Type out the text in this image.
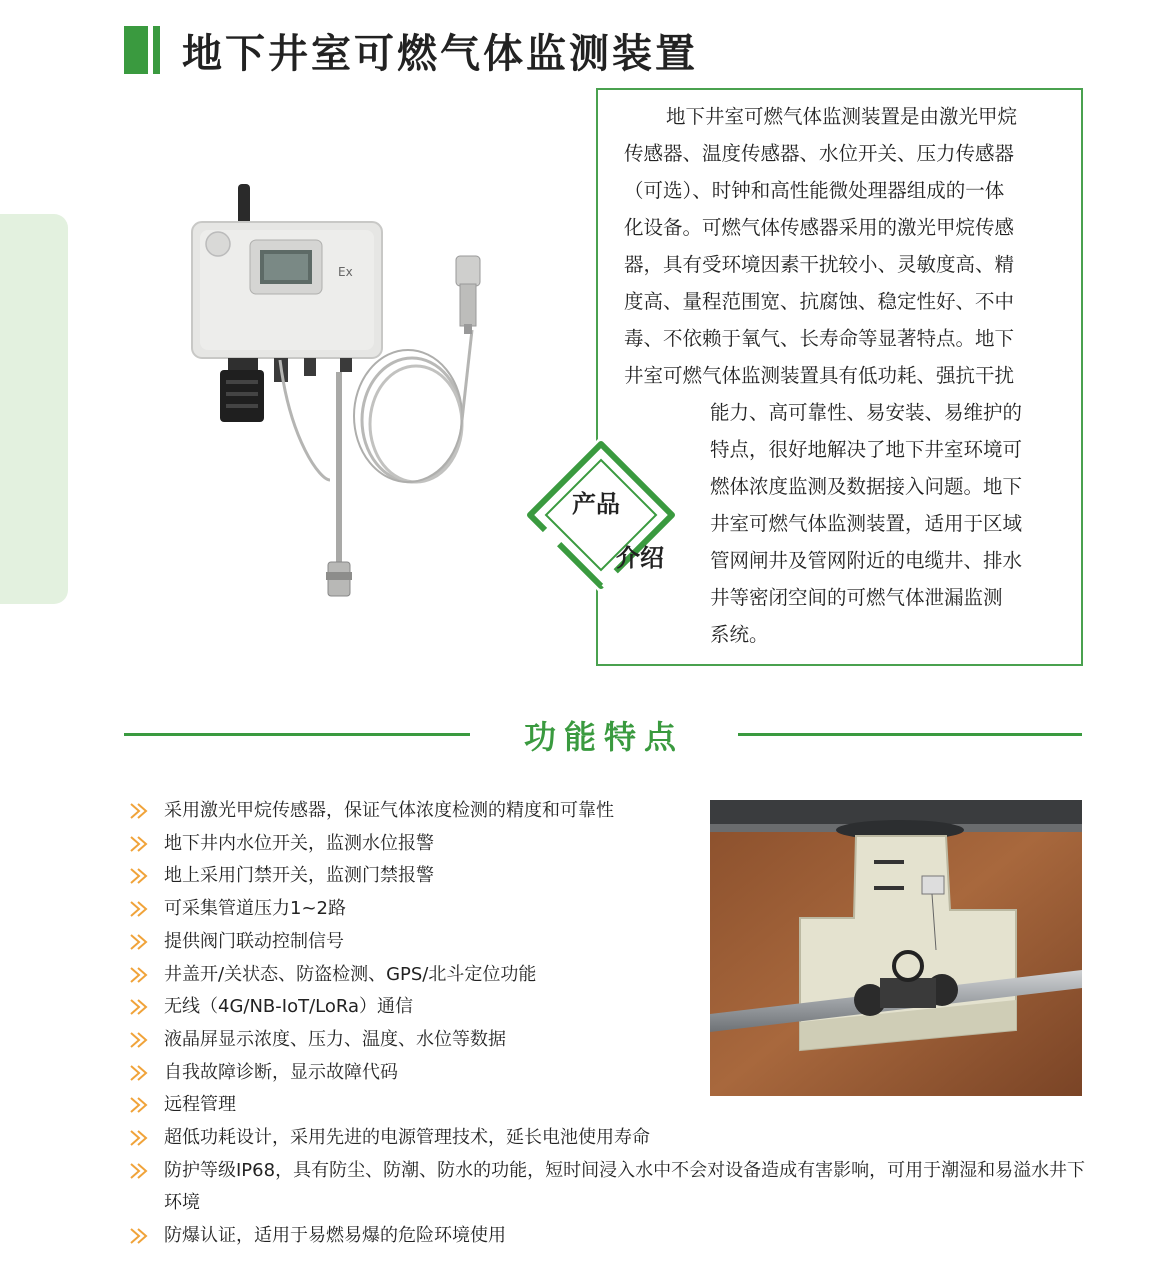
地下井室可燃气体监测装置
Ex
地下井室可燃气体监测装置是由激光甲烷
传感器、温度传感器、水位开关、压力传感器
（可选）、时钟和高性能微处理器组成的一体
化设备。可燃气体传感器采用的激光甲烷传感
器，具有受环境因素干扰较小、灵敏度高、精
度高、量程范围宽、抗腐蚀、稳定性好、不中
毒、不依赖于氧气、长寿命等显著特点。地下
井室可燃气体监测装置具有低功耗、强抗干扰
能力、高可靠性、易安装、易维护的
特点，很好地解决了地下井室环境可
燃体浓度监测及数据接入问题。地下
井室可燃气体监测装置，适用于区域
管网闸井及管网附近的电缆井、排水
井等密闭空间的可燃气体泄漏监测
系统。
产品
介绍
功能特点
采用激光甲烷传感器，保证气体浓度检测的精度和可靠性
地下井内水位开关，监测水位报警
地上采用门禁开关，监测门禁报警
可采集管道压力1~2路
提供阀门联动控制信号
井盖开/关状态、防盗检测、GPS/北斗定位功能
无线（4G/NB-IoT/LoRa）通信
液晶屏显示浓度、压力、温度、水位等数据
自我故障诊断，显示故障代码
远程管理
超低功耗设计，采用先进的电源管理技术，延长电池使用寿命
防护等级IP68，具有防尘、防潮、防水的功能，短时间浸入水中不会对设备造成有害影响，可用于潮湿和易溢水井下环境
防爆认证，适用于易燃易爆的危险环境使用
